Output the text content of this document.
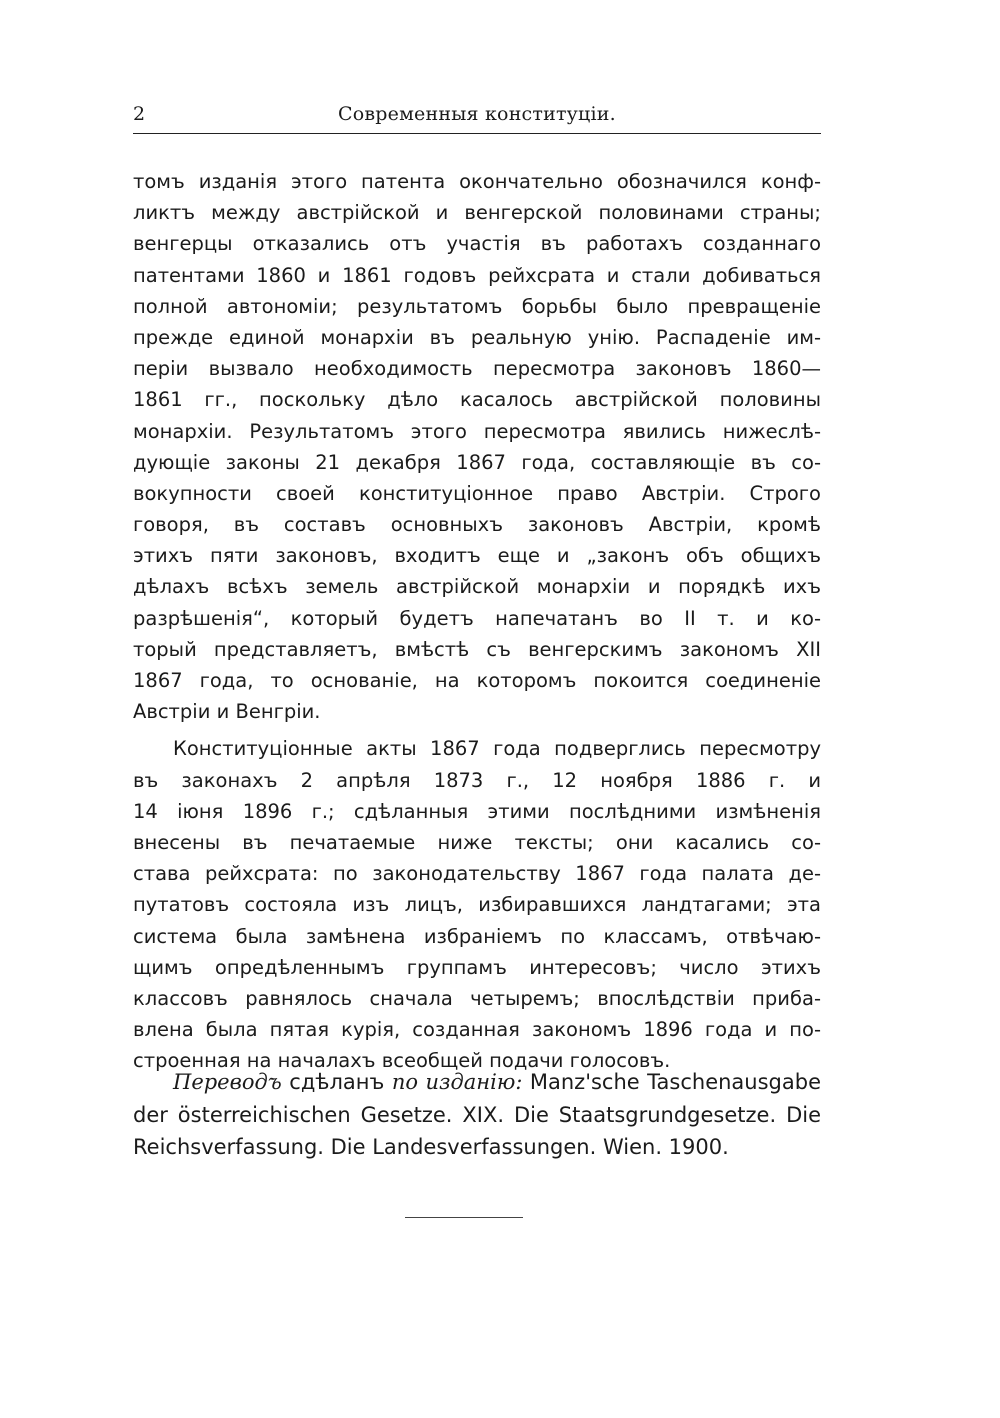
2	Современныя конституціи.
томъ изданія этого патента окончательно обозначился конф-
ликтъ между австрійской и венгерской половинами страны;
венгерцы отказались отъ участія въ работахъ созданнаго
патентами 1860 и 1861 годовъ рейхсрата и стали добиваться
полной автономіи; результатомъ борьбы было превращеніе
прежде единой монархіи въ реальную унію. Распаденіе им-
періи вызвало необходимость пересмотра законовъ 1860—
1861 гг., поскольку дѣло касалось австрійской половины
монархіи. Результатомъ этого пересмотра явились нижеслѣ-
дующіе законы 21 декабря 1867 года, составляющіе въ со-
вокупности своей конституціонное право Австріи. Строго
говоря, въ составъ основныхъ законовъ Австріи, кромѣ
этихъ пяти законовъ, входитъ еще и „законъ объ общихъ
дѣлахъ всѣхъ земель австрійской монархіи и порядкѣ ихъ
разрѣшенія“, который будетъ напечатанъ во II т. и ко-
торый представляетъ, вмѣстѣ съ венгерскимъ закономъ XII
1867 года, то основаніе, на которомъ покоится соединеніе
Австріи и Венгріи.
Конституціонные акты 1867 года подверглись пересмотру
въ законахъ 2 апрѣля 1873 г., 12 ноября 1886 г. и
14 іюня 1896 г.; сдѣланныя этими послѣдними измѣненія
внесены въ печатаемые ниже тексты; они касались со-
става рейхсрата: по законодательству 1867 года палата де-
путатовъ состояла изъ лицъ, избиравшихся ландтагами; эта
система была замѣнена избраніемъ по классамъ, отвѣчаю-
щимъ опредѣленнымъ группамъ интересовъ; число этихъ
классовъ равнялось сначала четыремъ; впослѣдствіи приба-
влена была пятая курія, созданная закономъ 1896 года и по-
строенная на началахъ всеобщей подачи голосовъ.
Переводъ сдѣланъ по изданію: Manz'sche Taschenausgabe
der österreichischen Gesetze. XIX. Die Staatsgrundgesetze. Die
Reichsverfassung. Die Landesverfassungen. Wien. 1900.
